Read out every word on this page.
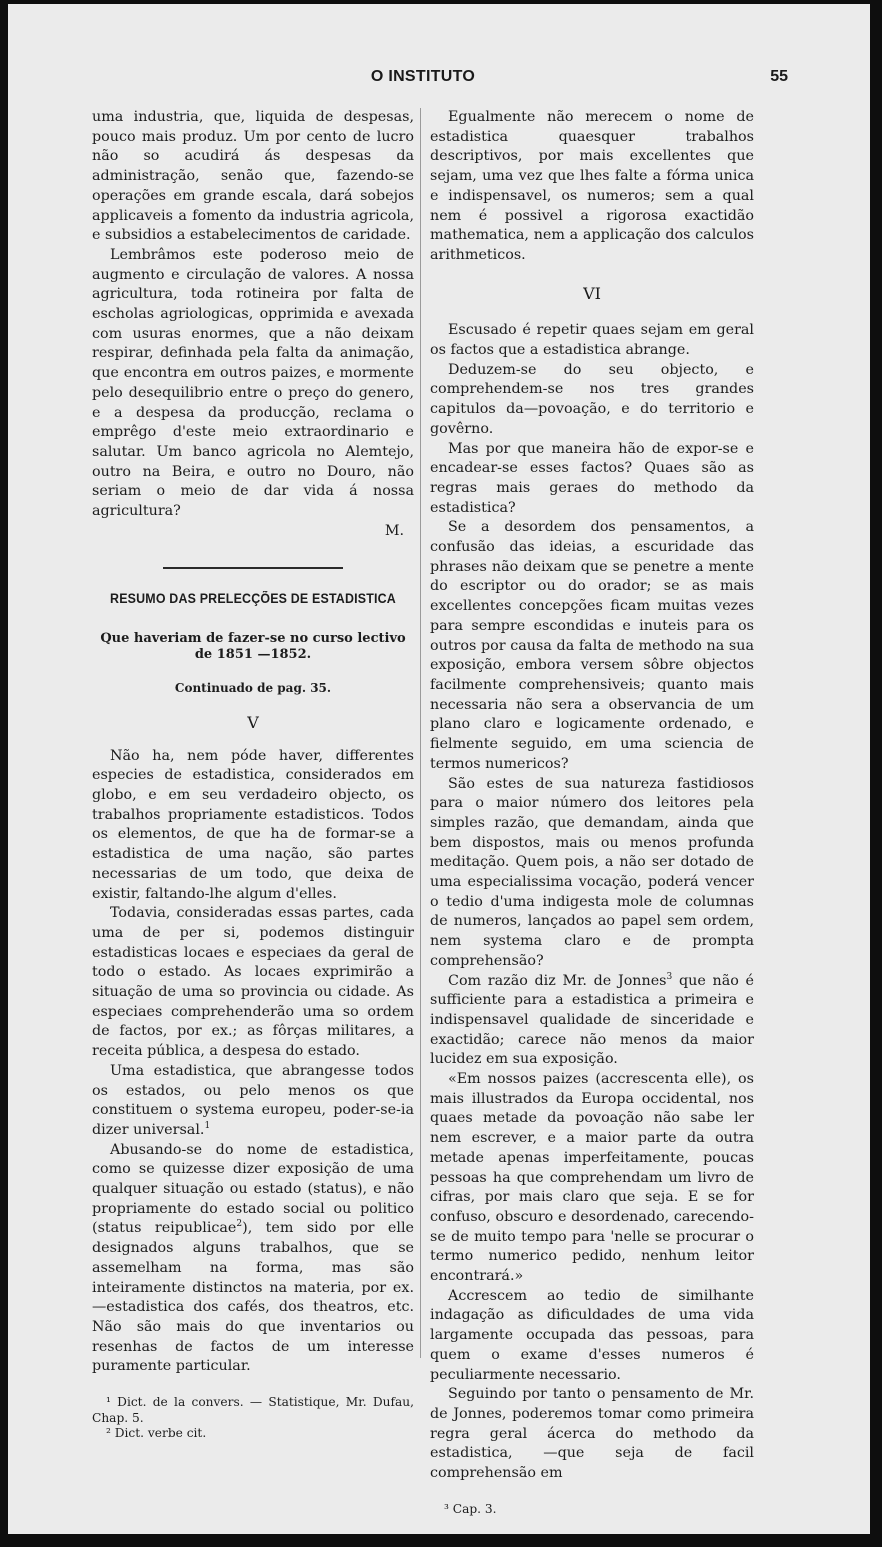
O INSTITUTO	55

uma industria, que, liquida de despesas, pouco mais produz. Um por cento de lucro não so acudirá ás despesas da administração, senão que, fazendo-se operações em grande escala, dará sobejos applicaveis a fomento da industria agricola, e subsidios a estabelecimentos de caridade.

Lembrâmos este poderoso meio de augmento e circulação de valores. A nossa agricultura, toda rotineira por falta de escholas agriologicas, opprimida e avexada com usuras enormes, que a não deixam respirar, definhada pela falta da animação, que encontra em outros paizes, e mormente pelo desequilibrio entre o preço do genero, e a despesa da producção, reclama o emprêgo d'este meio extraordinario e salutar. Um banco agricola no Alemtejo, outro na Beira, e outro no Douro, não seriam o meio de dar vida á nossa agricultura?

M.

RESUMO DAS PRELECÇÕES DE ESTADISTICA
Que haveriam de fazer-se no curso lectivo de 1851 —1852.
Continuado de pag. 35.
V

Não ha, nem póde haver, differentes especies de estadistica, considerados em globo, e em seu verdadeiro objecto, os trabalhos propriamente estadisticos. Todos os elementos, de que ha de formar-se a estadistica de uma nação, são partes necessarias de um todo, que deixa de existir, faltando-lhe algum d'elles.

Todavia, consideradas essas partes, cada uma de per si, podemos distinguir estadisticas locaes e especiaes da geral de todo o estado. As locaes exprimirão a situação de uma so provincia ou cidade. As especiaes comprehenderão uma so ordem de factos, por ex.; as fôrças militares, a receita pública, a despesa do estado.

Uma estadistica, que abrangesse todos os estados, ou pelo menos os que constituem o systema europeu, poder-se-ia dizer universal.$^1$

Abusando-se do nome de estadistica, como se quizesse dizer exposição de uma qualquer situação ou estado (status), e não propriamente do estado social ou politico (status reipublicae$^2$), tem sido por elle designados alguns trabalhos, que se assemelham na forma, mas são inteiramente distinctos na materia, por ex.—estadistica dos cafés, dos theatros, etc. Não são mais do que inventarios ou resenhas de factos de um interesse puramente particular.

¹ Dict. de la convers. — Statistique, Mr. Dufau, Chap. 5.

² Dict. verbe cit.

Egualmente não merecem o nome de estadistica quaesquer trabalhos descriptivos, por mais excellentes que sejam, uma vez que lhes falte a fórma unica e indispensavel, os numeros; sem a qual nem é possivel a rigorosa exactidão mathematica, nem a applicação dos calculos arithmeticos.

VI

Escusado é repetir quaes sejam em geral os factos que a estadistica abrange.

Deduzem-se do seu objecto, e comprehendem-se nos tres grandes capitulos da—povoação, e do territorio e govêrno.

Mas por que maneira hão de expor-se e encadear-se esses factos? Quaes são as regras mais geraes do methodo da estadistica?

Se a desordem dos pensamentos, a confusão das ideias, a escuridade das phrases não deixam que se penetre a mente do escriptor ou do orador; se as mais excellentes concepções ficam muitas vezes para sempre escondidas e inuteis para os outros por causa da falta de methodo na sua exposição, embora versem sôbre objectos facilmente comprehensiveis; quanto mais necessaria não sera a observancia de um plano claro e logicamente ordenado, e fielmente seguido, em uma sciencia de termos numericos?

São estes de sua natureza fastidiosos para o maior número dos leitores pela simples razão, que demandam, ainda que bem dispostos, mais ou menos profunda meditação. Quem pois, a não ser dotado de uma especialissima vocação, poderá vencer o tedio d'uma indigesta mole de columnas de numeros, lançados ao papel sem ordem, nem systema claro e de prompta comprehensão?

Com razão diz Mr. de Jonnes$^3$ que não é sufficiente para a estadistica a primeira e indispensavel qualidade de sinceridade e exactidão; carece não menos da maior lucidez em sua exposição.

«Em nossos paizes (accrescenta elle), os mais illustrados da Europa occidental, nos quaes metade da povoação não sabe ler nem escrever, e a maior parte da outra metade apenas imperfeitamente, poucas pessoas ha que comprehendam um livro de cifras, por mais claro que seja. E se for confuso, obscuro e desordenado, carecendo-se de muito tempo para 'nelle se procurar o termo numerico pedido, nenhum leitor encontrará.»

Accrescem ao tedio de similhante indagação as dificuldades de uma vida largamente occupada das pessoas, para quem o exame d'esses numeros é peculiarmente necessario.

Seguindo por tanto o pensamento de Mr. de Jonnes, poderemos tomar como primeira regra geral ácerca do methodo da estadistica, —que seja de facil comprehensão em

³ Cap. 3.
